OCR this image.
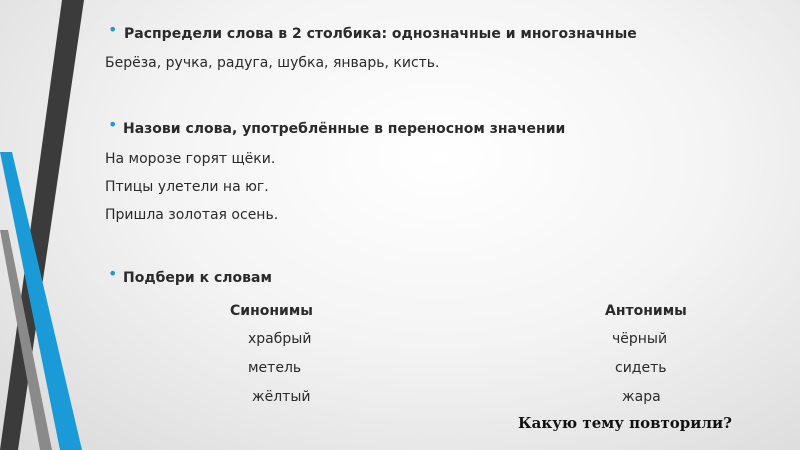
• Распредели слова в 2 столбика: однозначные и многозначные
Берёза, ручка, радуга, шубка, январь, кисть.
• Назови слова, употреблённые в переносном значении
На морозе горят щёки.
Птицы улетели на юг.
Пришла золотая осень.
• Подбери к словам
Синонимы
храбрый
метель
жёлтый
Антонимы
чёрный
сидеть
жара
Какую тему повторили?
